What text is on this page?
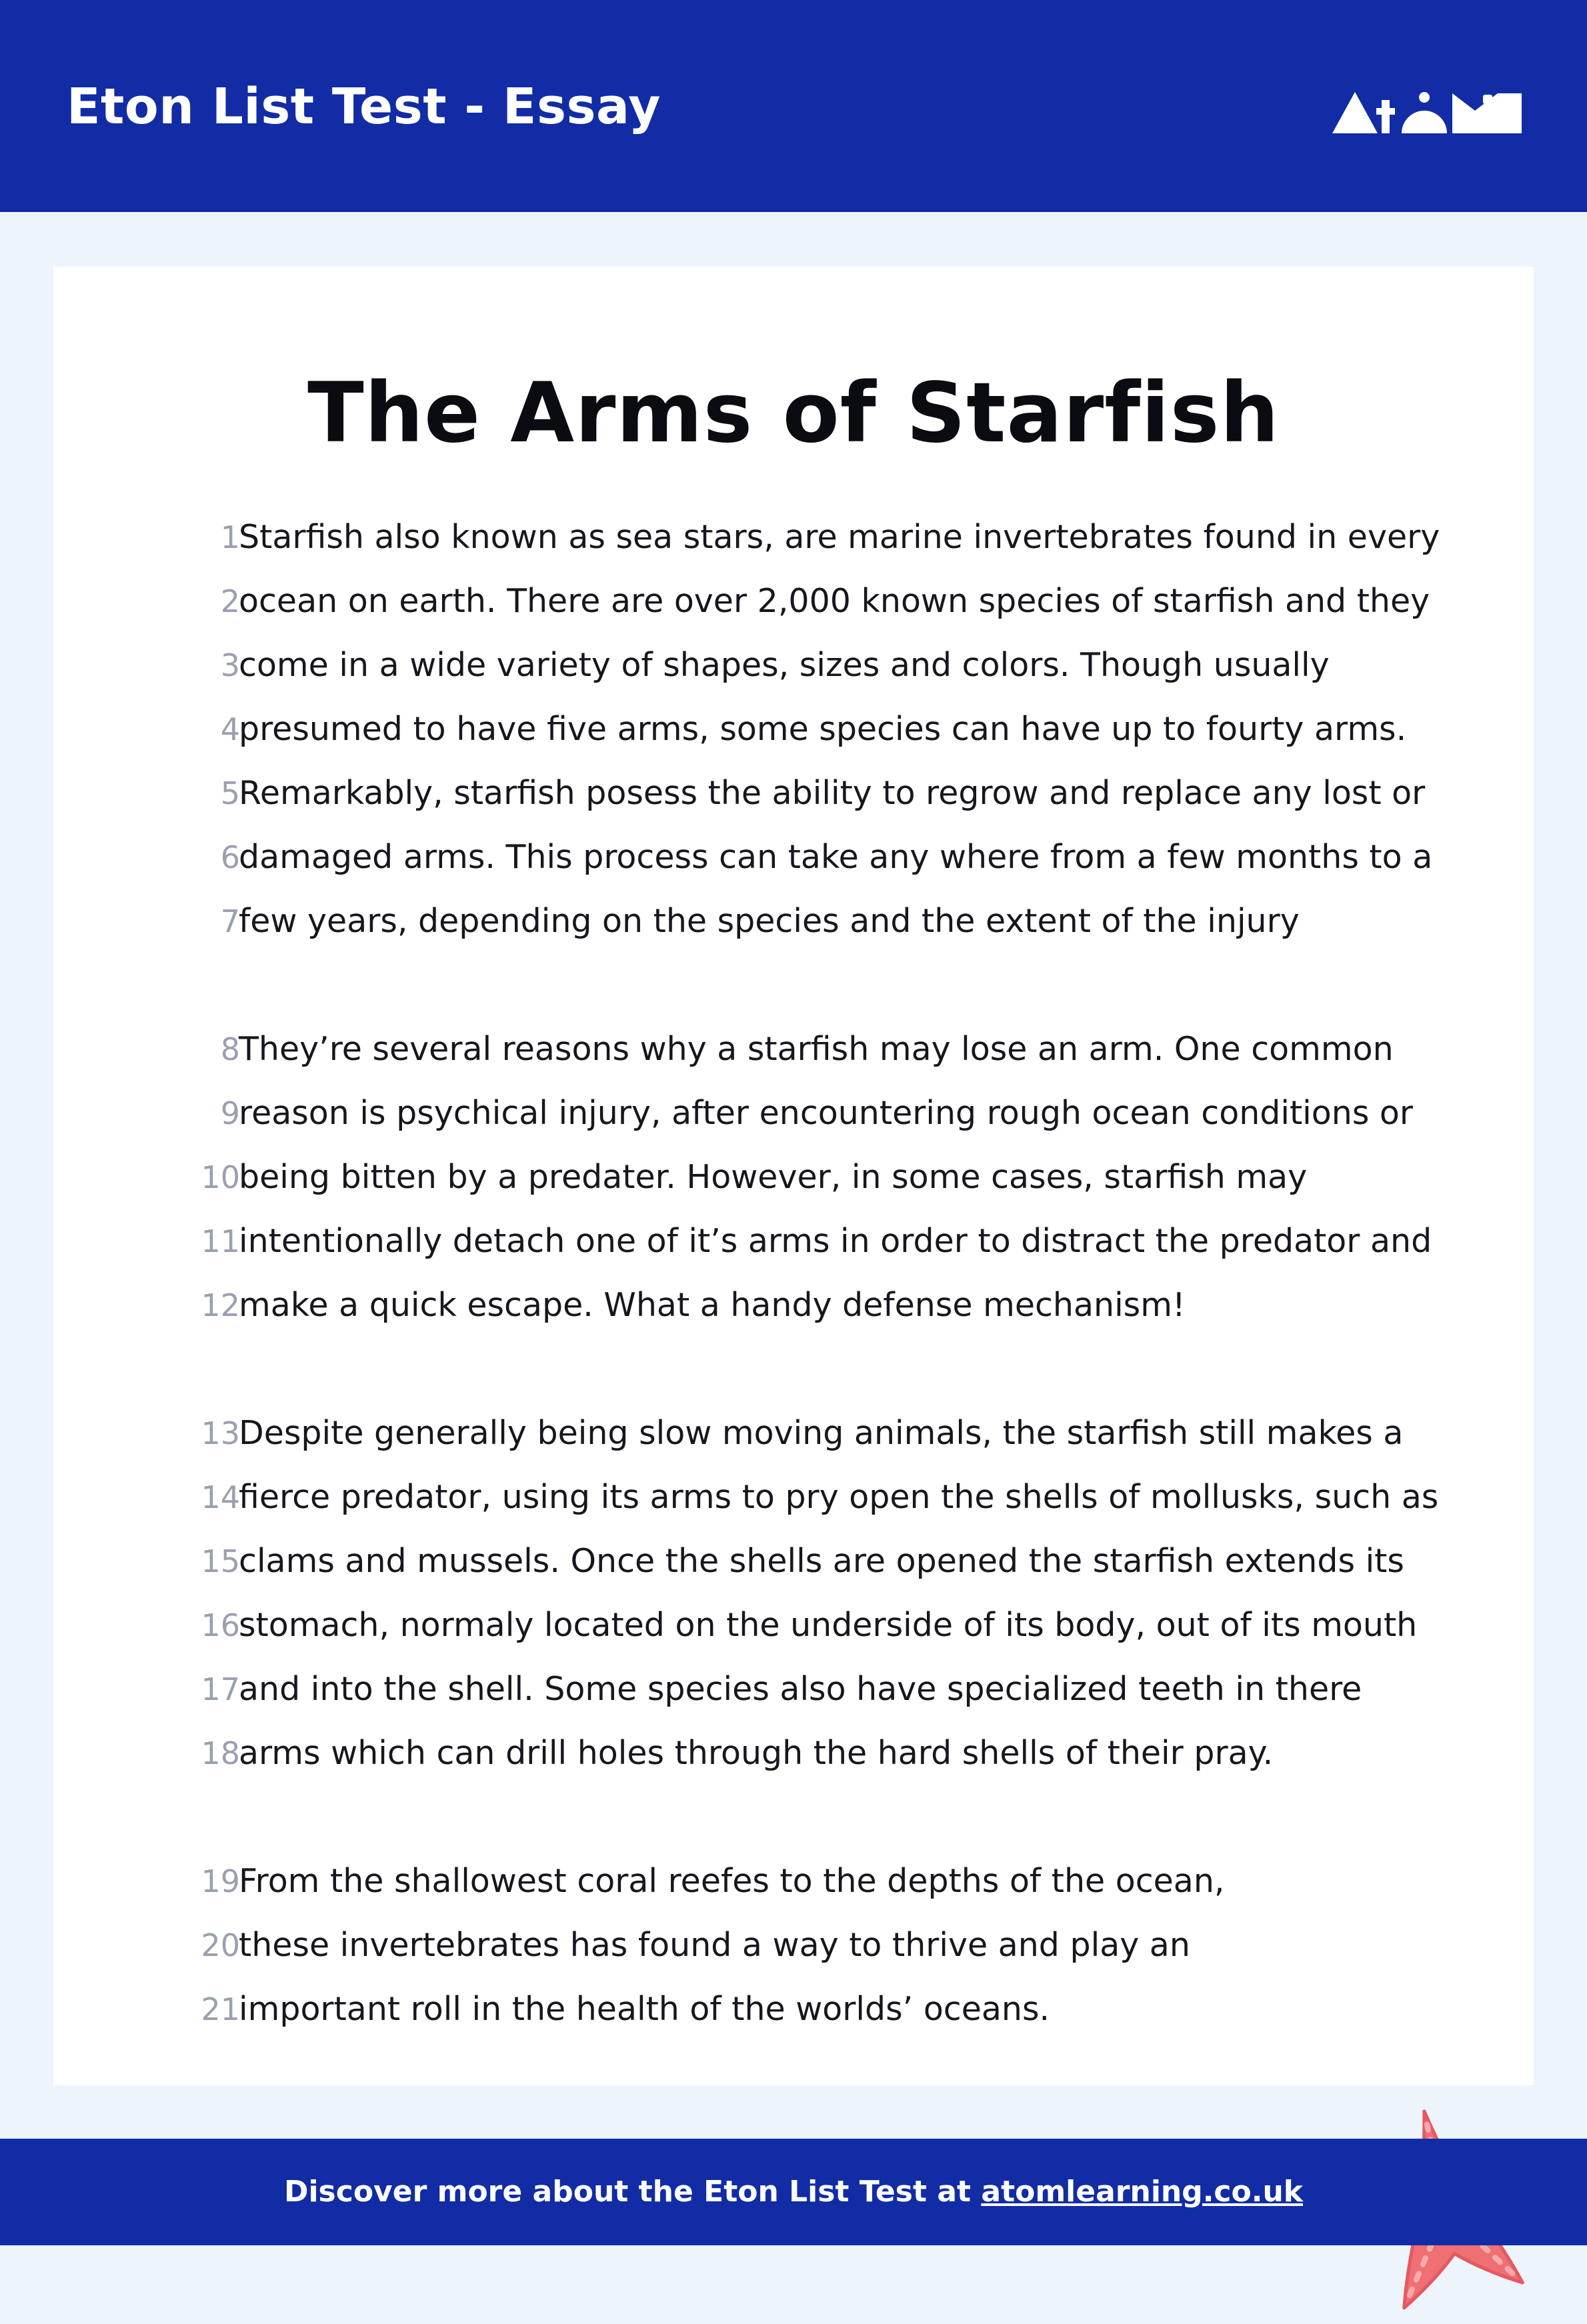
Eton List Test - Essay
The Arms of Starfish
1
Starfish also known as sea stars, are marine invertebrates found in every
2
ocean on earth. There are over 2,000 known species of starfish and they
3
come in a wide variety of shapes, sizes and colors. Though usually
4
presumed to have five arms, some species can have up to fourty arms.
5
Remarkably, starfish posess the ability to regrow and replace any lost or
6
damaged arms. This process can take any where from a few months to a
7
few years, depending on the species and the extent of the injury
8
They’re several reasons why a starfish may lose an arm. One common
9
reason is psychical injury, after encountering rough ocean conditions or
10
being bitten by a predater. However, in some cases, starfish may
11
intentionally detach one of it’s arms in order to distract the predator and
12
make a quick escape. What a handy defense mechanism!
13
Despite generally being slow moving animals, the starfish still makes a
14
fierce predator, using its arms to pry open the shells of mollusks, such as
15
clams and mussels. Once the shells are opened the starfish extends its
16
stomach, normaly located on the underside of its body, out of its mouth
17
and into the shell. Some species also have specialized teeth in there
18
arms which can drill holes through the hard shells of their pray.
19
From the shallowest coral reefes to the depths of the ocean,
20
these invertebrates has found a way to thrive and play an
21
important roll in the health of the worlds’ oceans.
Discover more about the Eton List Test at atomlearning.co.uk
